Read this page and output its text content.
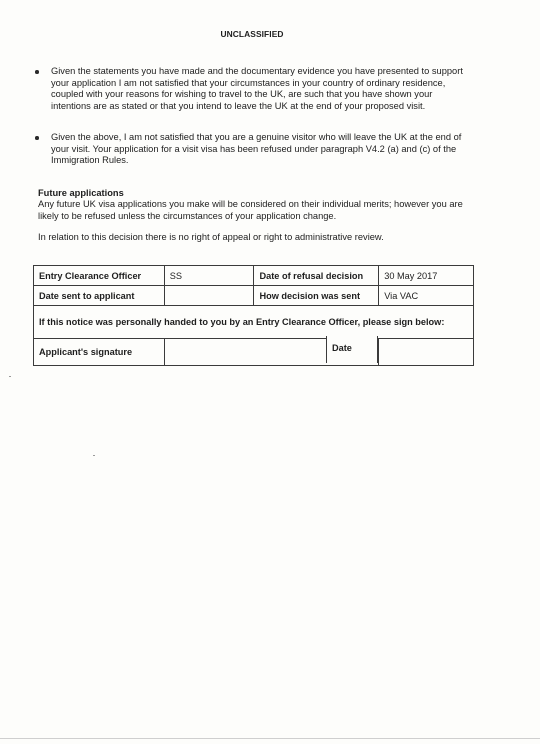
UNCLASSIFIED
Given the statements you have made and the documentary evidence you have presented to support your application I am not satisfied that your circumstances in your country of ordinary residence, coupled with your reasons for wishing to travel to the UK, are such that you have shown your intentions are as stated or that you intend to leave the UK at the end of your proposed visit.
Given the above, I am not satisfied that you are a genuine visitor who will leave the UK at the end of your visit. Your application for a visit visa has been refused under paragraph V4.2 (a) and (c) of the Immigration Rules.
Future applications
Any future UK visa applications you make will be considered on their individual merits; however you are likely to be refused unless the circumstances of your application change.
In relation to this decision there is no right of appeal or right to administrative review.
Entry Clearance Officer	SS	Date of refusal decision	30 May 2017
Date sent to applicant		How decision was sent	Via VAC
If this notice was personally handed to you by an Entry Clearance Officer, please sign below:			
Applicant's signature				Date
